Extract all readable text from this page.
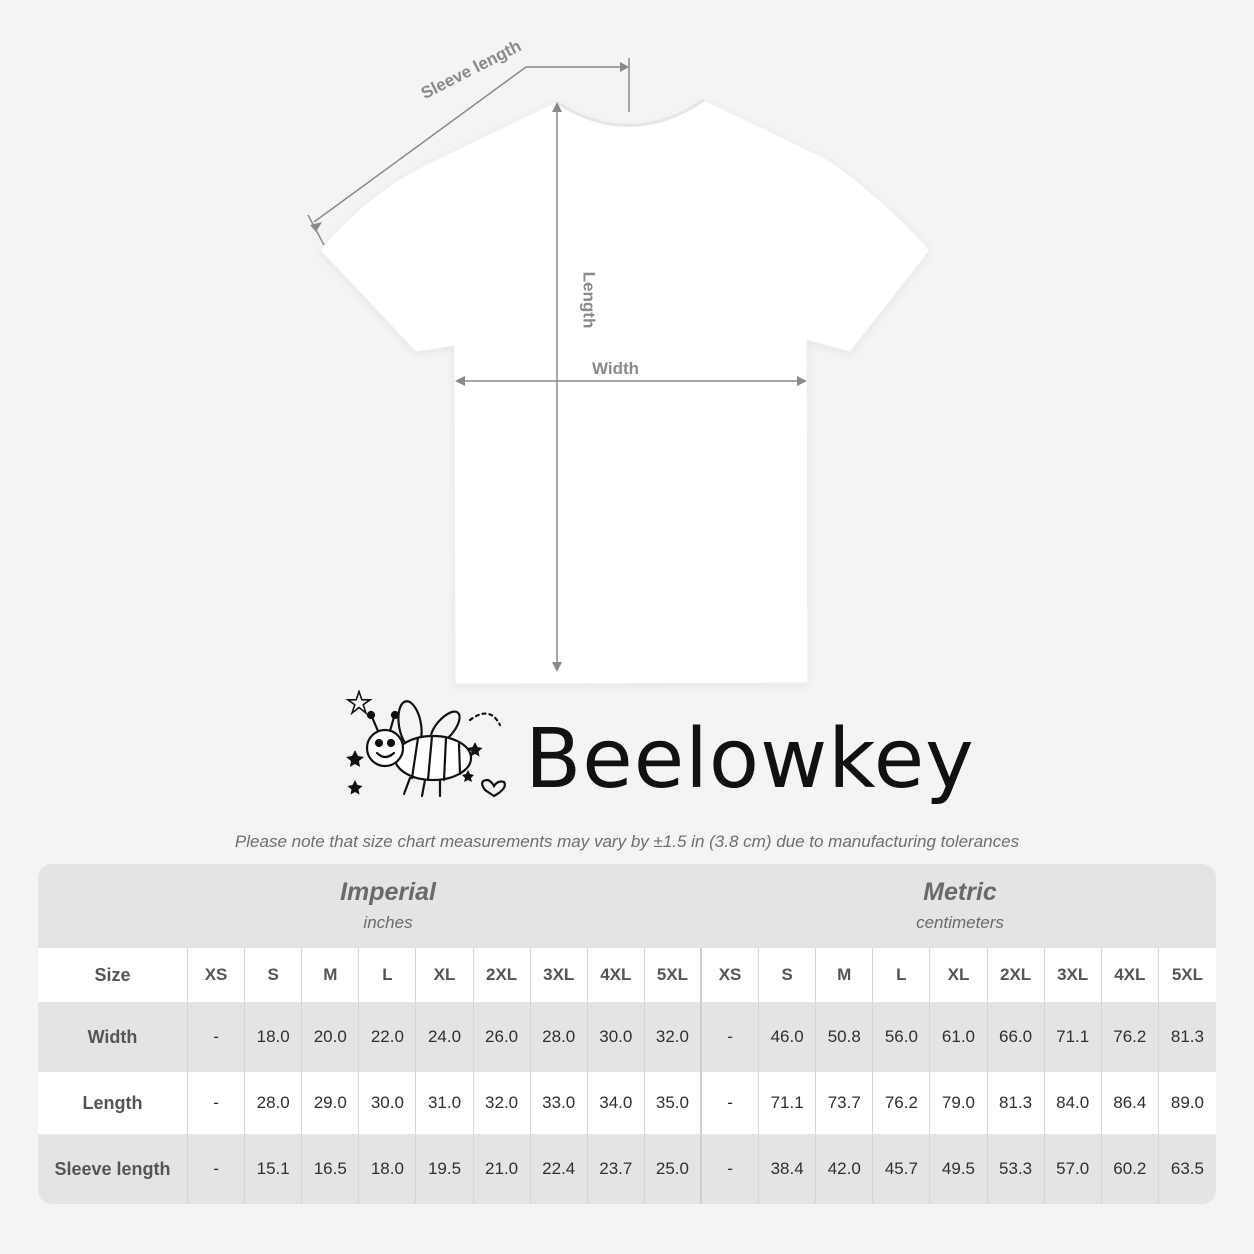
Sleeve length
Length
Width
Beelowkey
Please note that size chart measurements may vary by ±1.5 in (3.8 cm) due to manufacturing tolerances
Imperial
inches
Metric
centimeters
Size	XS	S	M	L	XL	2XL	3XL	4XL	5XL	XS	S	M	L	XL	2XL	3XL	4XL	5XL
Width	-	18.0	20.0	22.0	24.0	26.0	28.0	30.0	32.0	-	46.0	50.8	56.0	61.0	66.0	71.1	76.2	81.3
Length	-	28.0	29.0	30.0	31.0	32.0	33.0	34.0	35.0	-	71.1	73.7	76.2	79.0	81.3	84.0	86.4	89.0
Sleeve length	-	15.1	16.5	18.0	19.5	21.0	22.4	23.7	25.0	-	38.4	42.0	45.7	49.5	53.3	57.0	60.2	63.5
